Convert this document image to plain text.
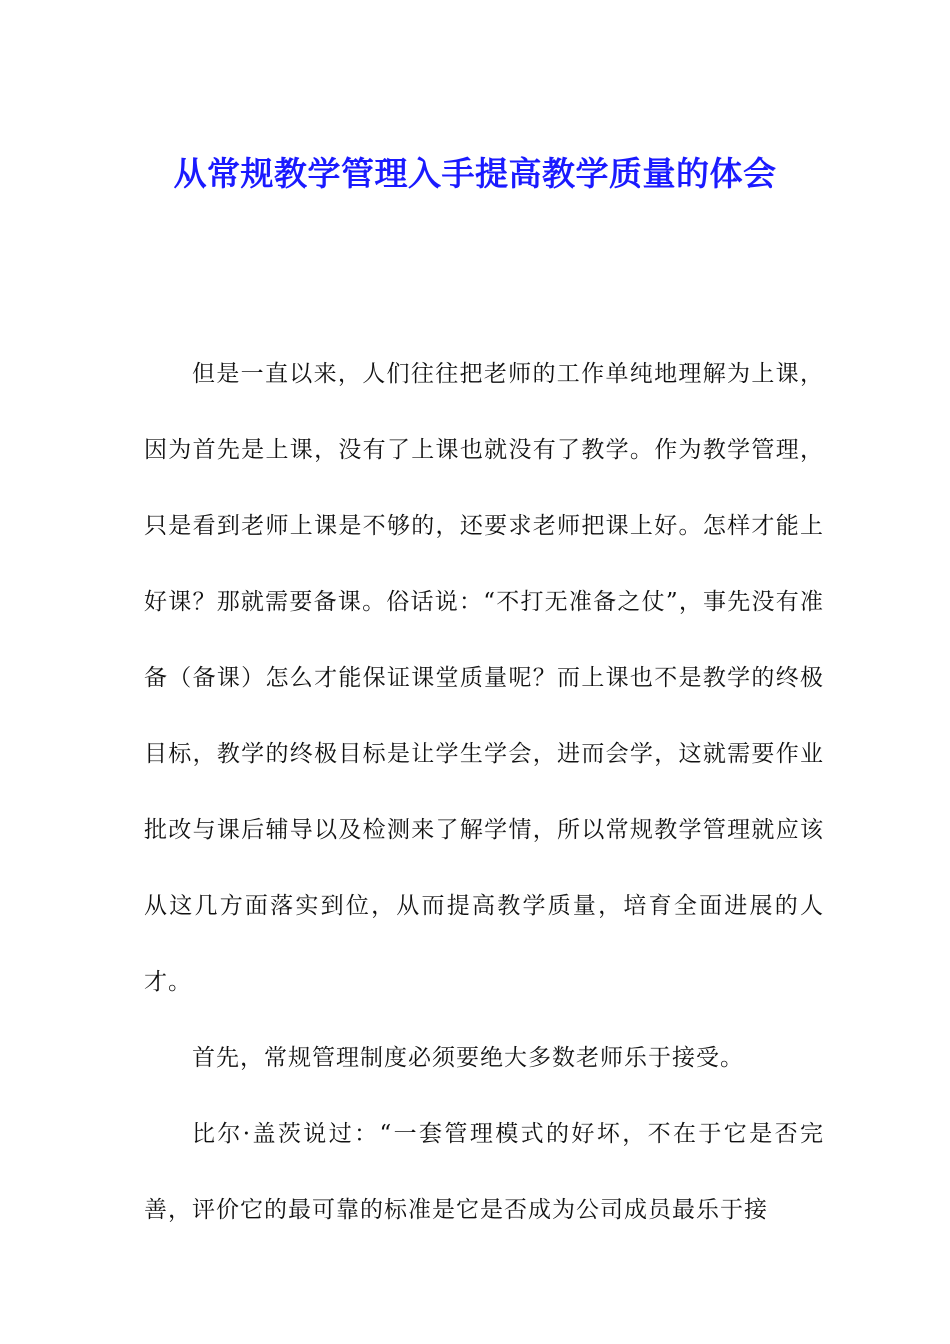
从常规教学管理入手提高教学质量的体会

但是一直以来，人们往往把老师的工作单纯地理解为上课，因为首先是上课，没有了上课也就没有了教学。作为教学管理，只是看到老师上课是不够的，还要求老师把课上好。怎样才能上好课？那就需要备课。俗话说：“不打无准备之仗”，事先没有准备（备课）怎么才能保证课堂质量呢？而上课也不是教学的终极目标，教学的终极目标是让学生学会，进而会学，这就需要作业批改与课后辅导以及检测来了解学情，所以常规教学管理就应该从这几方面落实到位，从而提高教学质量，培育全面进展的人才。

首先，常规管理制度必须要绝大多数老师乐于接受。

比尔·盖茨说过：“一套管理模式的好坏，不在于它是否完善，评价它的最可靠的标准是它是否成为公司成员最乐于接
